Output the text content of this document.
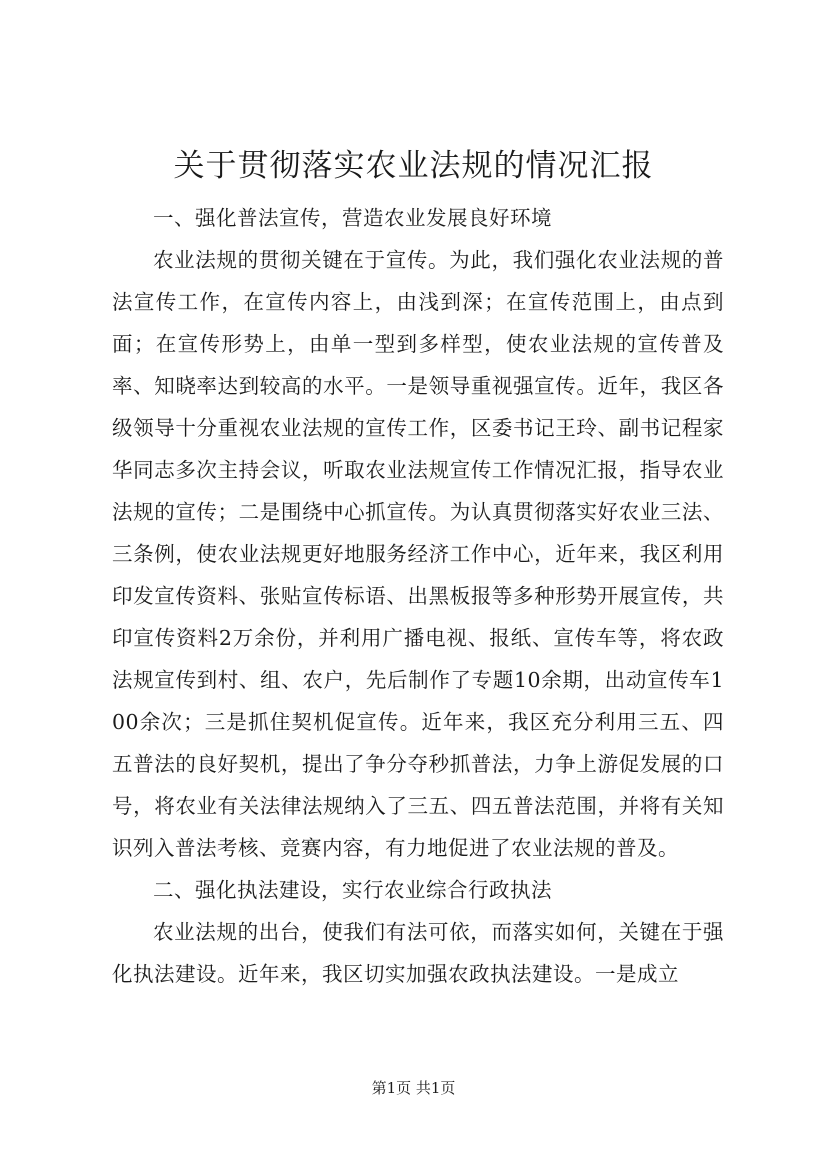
关于贯彻落实农业法规的情况汇报

一、强化普法宣传，营造农业发展良好环境

农业法规的贯彻关键在于宣传。为此，我们强化农业法规的普法宣传工作，在宣传内容上，由浅到深；在宣传范围上，由点到面；在宣传形势上，由单一型到多样型，使农业法规的宣传普及率、知晓率达到较高的水平。一是领导重视强宣传。近年，我区各级领导十分重视农业法规的宣传工作，区委书记王玲、副书记程家华同志多次主持会议，听取农业法规宣传工作情况汇报，指导农业法规的宣传；二是围绕中心抓宣传。为认真贯彻落实好农业三法、三条例，使农业法规更好地服务经济工作中心，近年来，我区利用印发宣传资料、张贴宣传标语、出黑板报等多种形势开展宣传，共印宣传资料2万余份，并利用广播电视、报纸、宣传车等，将农政法规宣传到村、组、农户，先后制作了专题10余期，出动宣传车100余次；三是抓住契机促宣传。近年来，我区充分利用三五、四五普法的良好契机，提出了争分夺秒抓普法，力争上游促发展的口号，将农业有关法律法规纳入了三五、四五普法范围，并将有关知识列入普法考核、竞赛内容，有力地促进了农业法规的普及。

二、强化执法建设，实行农业综合行政执法

农业法规的出台，使我们有法可依，而落实如何，关键在于强化执法建设。近年来，我区切实加强农政执法建设。一是成立

第1页 共1页
